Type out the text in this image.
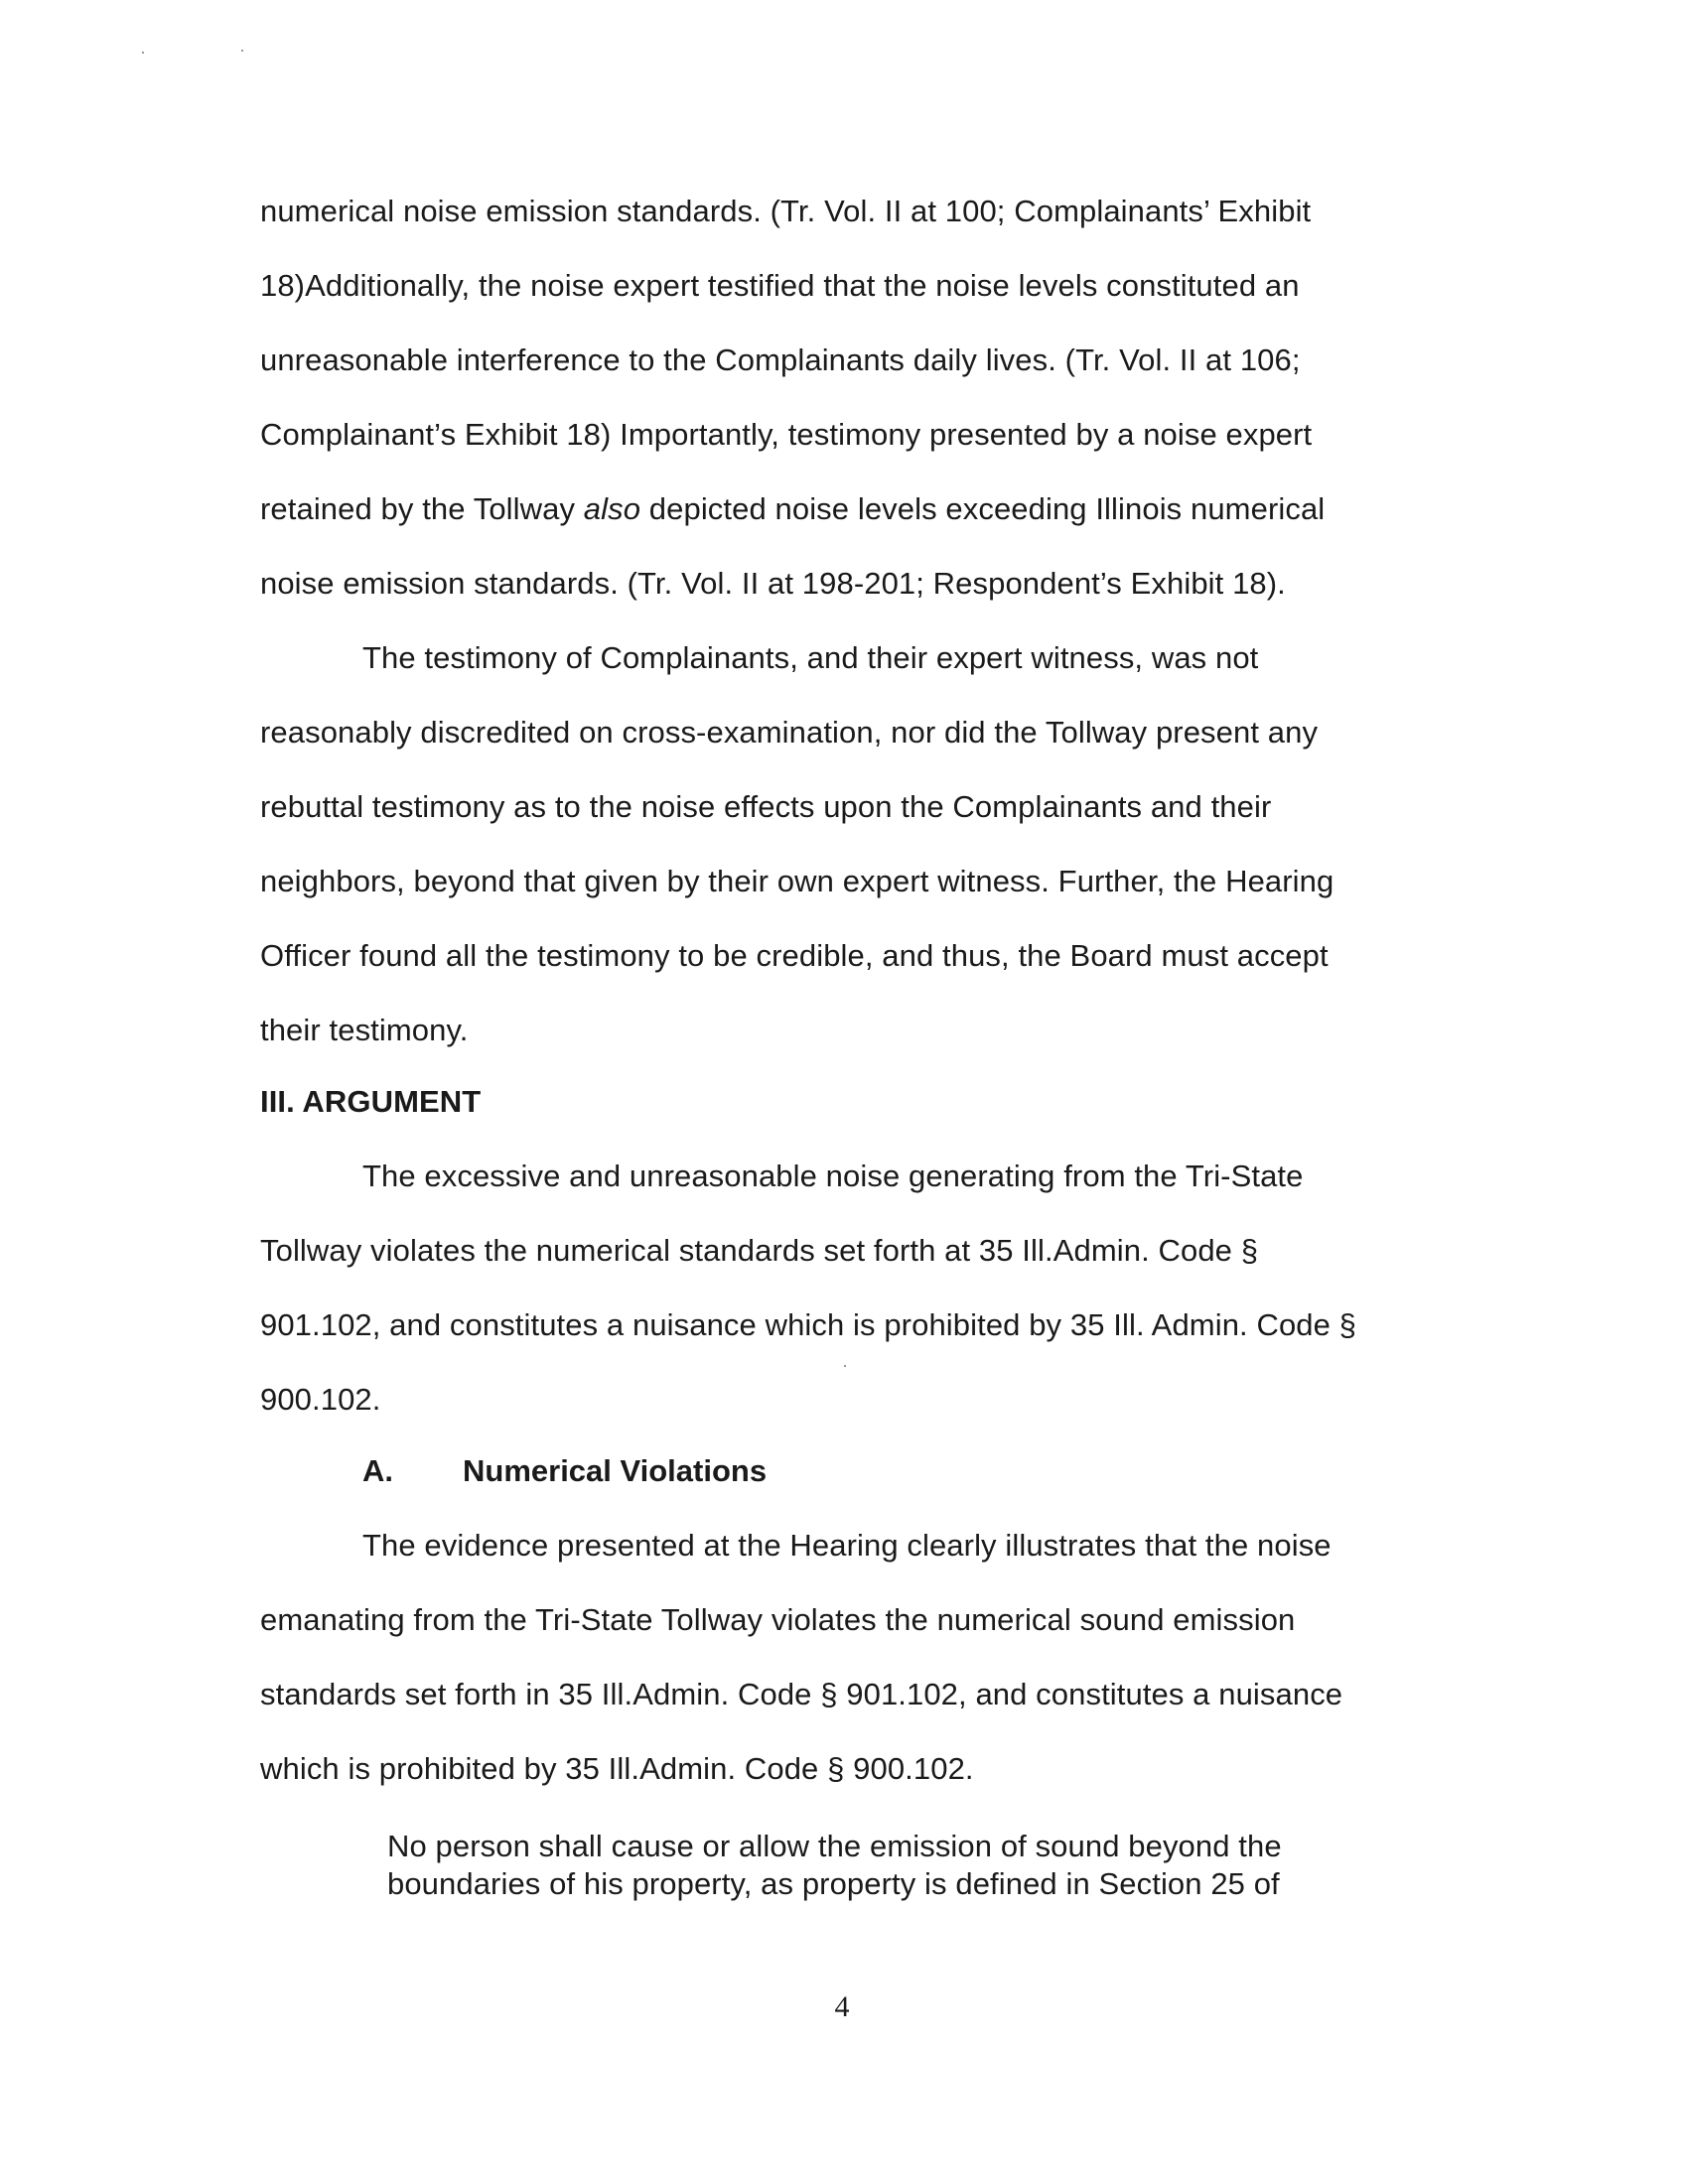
numerical noise emission standards. (Tr. Vol. II at 100; Complainants’ Exhibit
18)Additionally, the noise expert testified that the noise levels constituted an
unreasonable interference to the Complainants daily lives. (Tr. Vol. II at 106;
Complainant’s Exhibit 18) Importantly, testimony presented by a noise expert
retained by the Tollway also depicted noise levels exceeding Illinois numerical
noise emission standards. (Tr. Vol. II at 198-201; Respondent’s Exhibit 18).
The testimony of Complainants, and their expert witness, was not
reasonably discredited on cross-examination, nor did the Tollway present any
rebuttal testimony as to the noise effects upon the Complainants and their
neighbors, beyond that given by their own expert witness. Further, the Hearing
Officer found all the testimony to be credible, and thus, the Board must accept
their testimony.
III. ARGUMENT
The excessive and unreasonable noise generating from the Tri-State
Tollway violates the numerical standards set forth at 35 Ill.Admin. Code §
901.102, and constitutes a nuisance which is prohibited by 35 Ill. Admin. Code §
900.102.
A. Numerical Violations
The evidence presented at the Hearing clearly illustrates that the noise
emanating from the Tri-State Tollway violates the numerical sound emission
standards set forth in 35 Ill.Admin. Code § 901.102, and constitutes a nuisance
which is prohibited by 35 Ill.Admin. Code § 900.102.
No person shall cause or allow the emission of sound beyond the
boundaries of his property, as property is defined in Section 25 of
4
